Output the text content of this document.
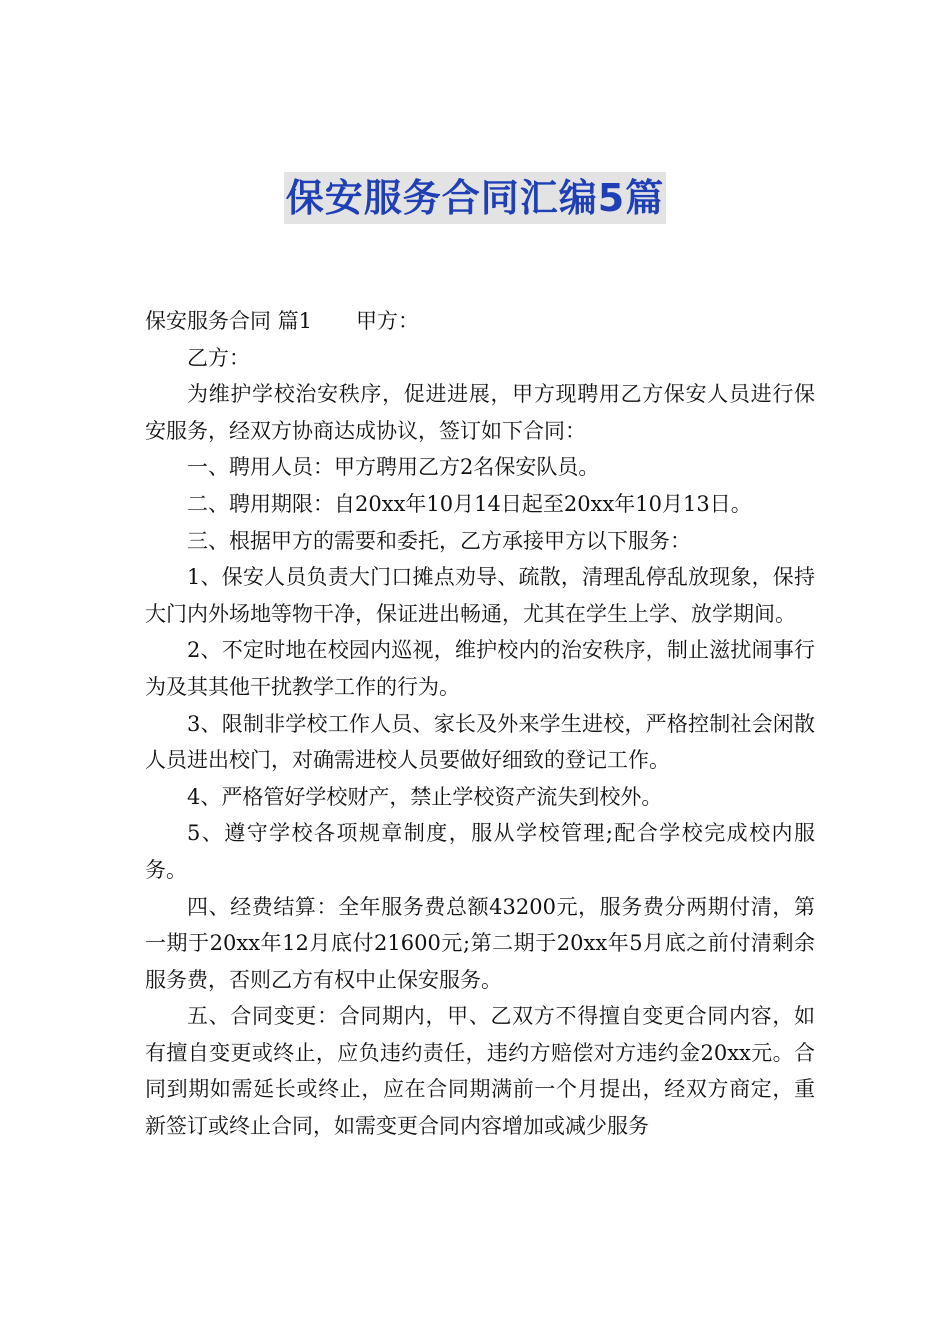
保安服务合同汇编5篇

保安服务合同 篇1 甲方：

乙方：

为维护学校治安秩序，促进进展，甲方现聘用乙方保安人员进行保安服务，经双方协商达成协议，签订如下合同：

一、聘用人员：甲方聘用乙方2名保安队员。

二、聘用期限：自20xx年10月14日起至20xx年10月13日。

三、根据甲方的需要和委托，乙方承接甲方以下服务：

1、保安人员负责大门口摊点劝导、疏散，清理乱停乱放现象，保持大门内外场地等物干净，保证进出畅通，尤其在学生上学、放学期间。

2、不定时地在校园内巡视，维护校内的治安秩序，制止滋扰闹事行为及其其他干扰教学工作的行为。

3、限制非学校工作人员、家长及外来学生进校，严格控制社会闲散人员进出校门，对确需进校人员要做好细致的登记工作。

4、严格管好学校财产，禁止学校资产流失到校外。

5、遵守学校各项规章制度，服从学校管理;配合学校完成校内服务。

四、经费结算：全年服务费总额43200元，服务费分两期付清，第一期于20xx年12月底付21600元;第二期于20xx年5月底之前付清剩余服务费，否则乙方有权中止保安服务。

五、合同变更：合同期内，甲、乙双方不得擅自变更合同内容，如有擅自变更或终止，应负违约责任，违约方赔偿对方违约金20xx元。合同到期如需延长或终止，应在合同期满前一个月提出，经双方商定，重新签订或终止合同，如需变更合同内容增加或减少服务
